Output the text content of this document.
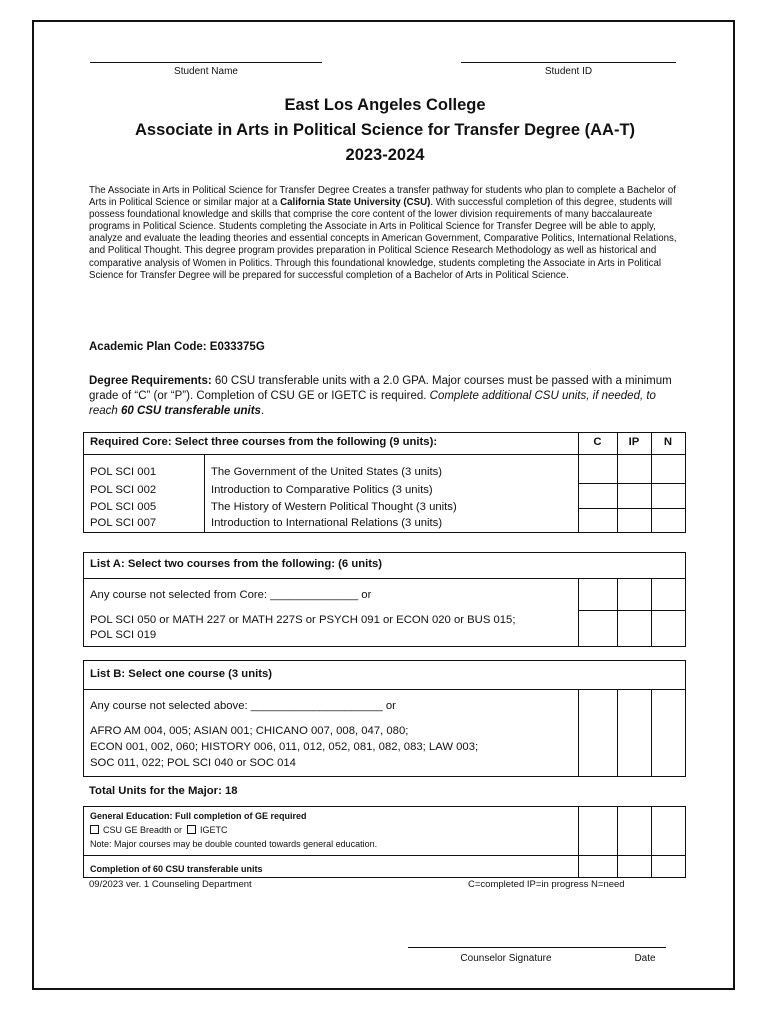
Student Name	Student ID
East Los Angeles College
Associate in Arts in Political Science for Transfer Degree (AA-T)
2023-2024

The Associate in Arts in Political Science for Transfer Degree Creates a transfer pathway for students who plan to complete a Bachelor of Arts in Political Science or similar major at a California State University (CSU). With successful completion of this degree, students will possess foundational knowledge and skills that comprise the core content of the lower division requirements of many baccalaureate programs in Political Science. Students completing the Associate in Arts in Political Science for Transfer Degree will be able to apply, analyze and evaluate the leading theories and essential concepts in American Government, Comparative Politics, International Relations, and Political Thought. This degree program provides preparation in Political Science Research Methodology as well as historical and comparative analysis of Women in Politics. Through this foundational knowledge, students completing the Associate in Arts in Political Science for Transfer Degree will be prepared for successful completion of a Bachelor of Arts in Political Science.

Academic Plan Code: E033375G

Degree Requirements: 60 CSU transferable units with a 2.0 GPA. Major courses must be passed with a minimum grade of “C” (or “P”). Completion of CSU GE or IGETC is required. Complete additional CSU units, if needed, to reach 60 CSU transferable units.

Required Core: Select three courses from the following (9 units):	C	IP	N
POL SCI 001	The Government of the United States (3 units)
POL SCI 002	Introduction to Comparative Politics (3 units)
POL SCI 005	The History of Western Political Thought (3 units)
POL SCI 007	Introduction to International Relations (3 units)
List A: Select two courses from the following: (6 units)
Any course not selected from Core: ______________ or
POL SCI 050 or MATH 227 or MATH 227S or PSYCH 091 or ECON 020 or BUS 015;
POL SCI 019
List B: Select one course (3 units)
Any course not selected above: _____________________ or
AFRO AM 004, 005; ASIAN 001; CHICANO 007, 008, 047, 080;
ECON 001, 002, 060; HISTORY 006, 011, 012, 052, 081, 082, 083; LAW 003;
SOC 011, 022; POL SCI 040 or SOC 014
Total Units for the Major: 18
General Education: Full completion of GE required
CSU GE Breadth or IGETC
Note: Major courses may be double counted towards general education.
Completion of 60 CSU transferable units
09/2023 ver. 1 Counseling Department	C=completed IP=in progress N=need
Counselor Signature	Date
